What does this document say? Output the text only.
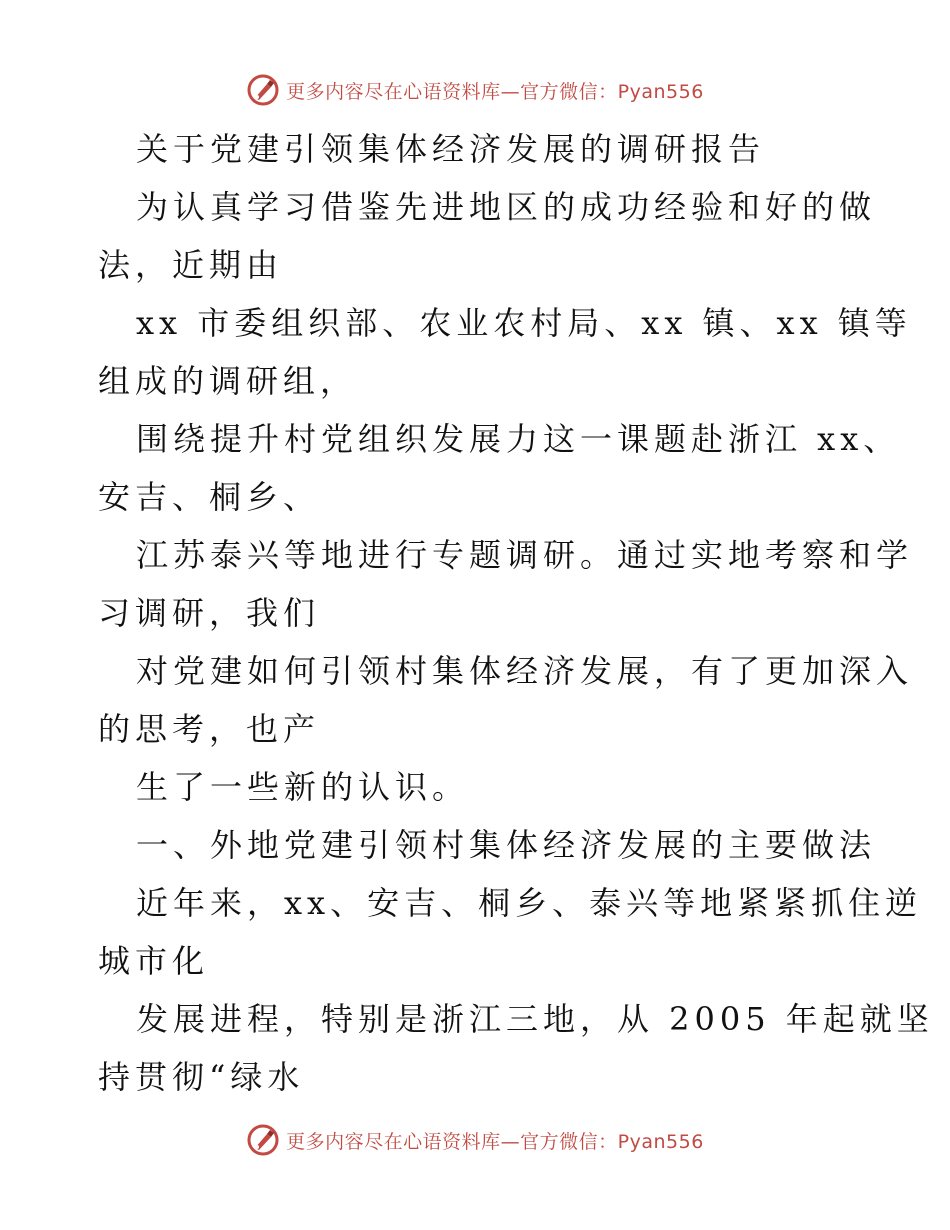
更多内容尽在心语资料库—官方微信：Pyan556
关于党建引领集体经济发展的调研报告
为认真学习借鉴先进地区的成功经验和好的做
法，近期由
xx 市委组织部、农业农村局、xx 镇、xx 镇等
组成的调研组，
围绕提升村党组织发展力这一课题赴浙江 xx、
安吉、桐乡、
江苏泰兴等地进行专题调研。通过实地考察和学
习调研，我们
对党建如何引领村集体经济发展，有了更加深入
的思考，也产
生了一些新的认识。
一、外地党建引领村集体经济发展的主要做法
近年来，xx、安吉、桐乡、泰兴等地紧紧抓住逆
城市化
发展进程，特别是浙江三地，从 2005 年起就坚
持贯彻“绿水
更多内容尽在心语资料库—官方微信：Pyan556
